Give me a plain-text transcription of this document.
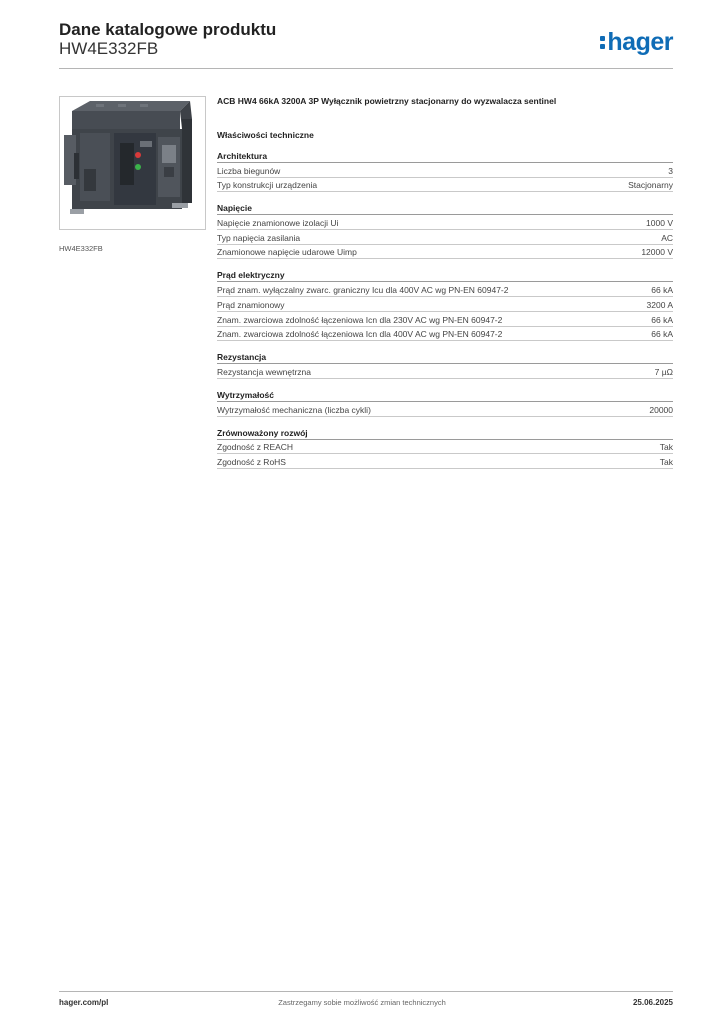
Dane katalogowe produktu
HW4E332FB	hager
HW4E332FB
ACB HW4 66kA 3200A 3P Wyłącznik powietrzny stacjonarny do wyzwalacza sentinel
Właściwości techniczne
Architektura
Liczba biegunów	3
Typ konstrukcji urządzenia	Stacjonarny
Napięcie
Napięcie znamionowe izolacji Ui	1000 V
Typ napięcia zasilania	AC
Znamionowe napięcie udarowe Uimp	12000 V
Prąd elektryczny
Prąd znam. wyłączalny zwarc. graniczny Icu dla 400V AC wg PN-EN 60947-2	66 kA
Prąd znamionowy	3200 A
Znam. zwarciowa zdolność łączeniowa Icn dla 230V AC wg PN-EN 60947-2	66 kA
Znam. zwarciowa zdolność łączeniowa Icn dla 400V AC wg PN-EN 60947-2	66 kA
Rezystancja
Rezystancja wewnętrzna	7 µΩ
Wytrzymałość
Wytrzymałość mechaniczna (liczba cykli)	20000
Zrównoważony rozwój
Zgodność z REACH	Tak
Zgodność z RoHS	Tak
hager.com/pl	Zastrzegamy sobie możliwość zmian technicznych	25.06.2025
